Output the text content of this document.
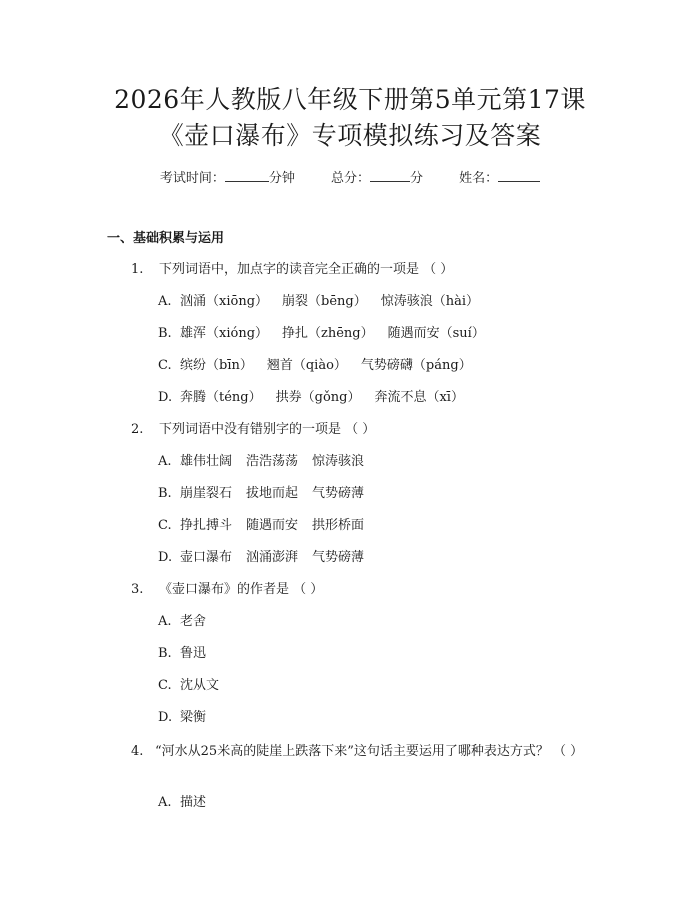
2026年人教版八年级下册第5单元第17课
《壶口瀑布》专项模拟练习及答案
考试时间：	分钟	总分：	分	姓名：
一、基础积累与运用
1. 下列词语中，加点字的读音完全正确的一项是 （ ）
A. 汹涌（xiōng） 崩裂（bēng） 惊涛骇浪（hài）
B. 雄浑（xióng） 挣扎（zhēng） 随遇而安（suí）
C. 缤纷（bīn） 翘首（qiào） 气势磅礴（páng）
D. 奔腾（téng） 拱券（gǒng） 奔流不息（xī）
2. 下列词语中没有错别字的一项是 （ ）
A. 雄伟壮阔 浩浩荡荡 惊涛骇浪
B. 崩崖裂石 拔地而起 气势磅薄
C. 挣扎搏斗 随遇而安 拱形桥面
D. 壶口瀑布 汹涌澎湃 气势磅薄
3. 《壶口瀑布》的作者是 （ ）
A. 老舍
B. 鲁迅
C. 沈从文
D. 梁衡
4. “河水从25米高的陡崖上跌落下来”这句话主要运用了哪种表达方式？ （ ）
A. 描述
